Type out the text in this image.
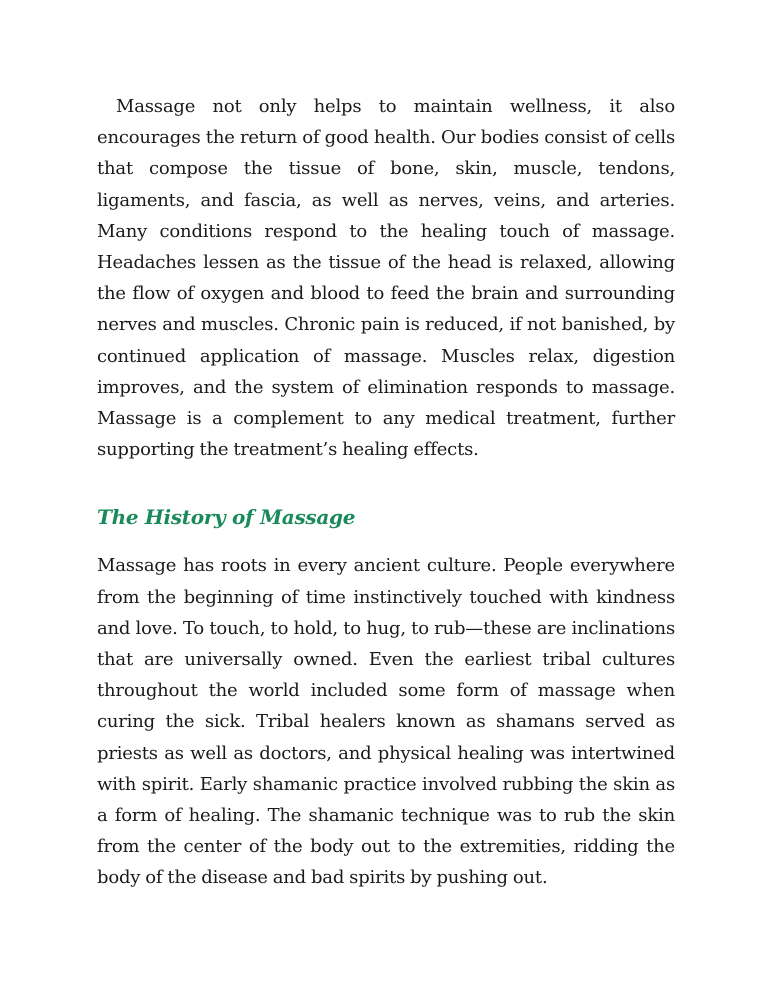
Massage not only helps to maintain wellness, it also encourages the return of good health. Our bodies consist of cells that compose the tissue of bone, skin, muscle, tendons, ligaments, and fascia, as well as nerves, veins, and arteries. Many conditions respond to the healing touch of massage. Headaches lessen as the tissue of the head is relaxed, allowing the flow of oxygen and blood to feed the brain and surrounding nerves and muscles. Chronic pain is reduced, if not banished, by continued application of massage. Muscles relax, digestion improves, and the system of elimination responds to massage. Massage is a complement to any medical treatment, further supporting the treatment’s healing effects.

The History of Massage

Massage has roots in every ancient culture. People everywhere from the beginning of time instinctively touched with kindness and love. To touch, to hold, to hug, to rub—these are inclinations that are universally owned. Even the earliest tribal cultures throughout the world included some form of massage when curing the sick. Tribal healers known as shamans served as priests as well as doctors, and physical healing was intertwined with spirit. Early shamanic practice involved rubbing the skin as a form of healing. The shamanic technique was to rub the skin from the center of the body out to the extremities, ridding the body of the disease and bad spirits by pushing out.
